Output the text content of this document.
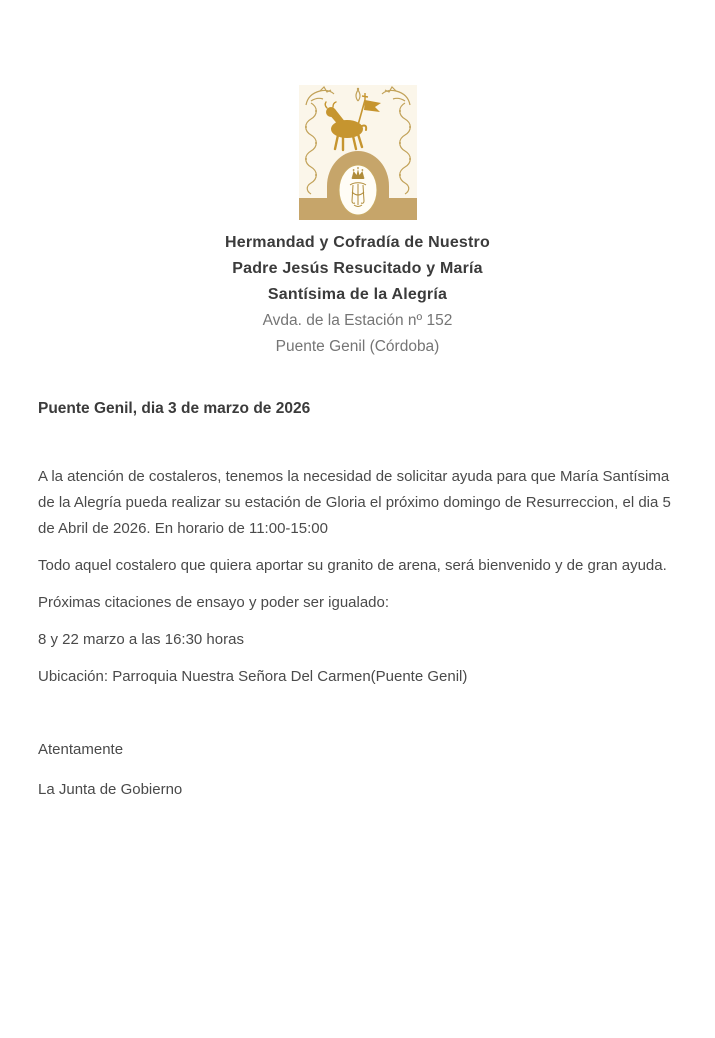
Hermandad y Cofradía de Nuestro
Padre Jesús Resucitado y María
Santísima de la Alegría
Avda. de la Estación nº 152
Puente Genil (Córdoba)

Puente Genil, dia 3 de marzo de 2026

A la atención de costaleros, tenemos la necesidad de solicitar ayuda para que María Santísima de la Alegría pueda realizar su estación de Gloria el próximo domingo de Resurreccion, el dia 5 de Abril de 2026. En horario de 11:00-15:00

Todo aquel costalero que quiera aportar su granito de arena, será bienvenido y de gran ayuda.

Próximas citaciones de ensayo y poder ser igualado:

8 y 22 marzo a las 16:30 horas

Ubicación: Parroquia Nuestra Señora Del Carmen(Puente Genil)

Atentamente

La Junta de Gobierno
